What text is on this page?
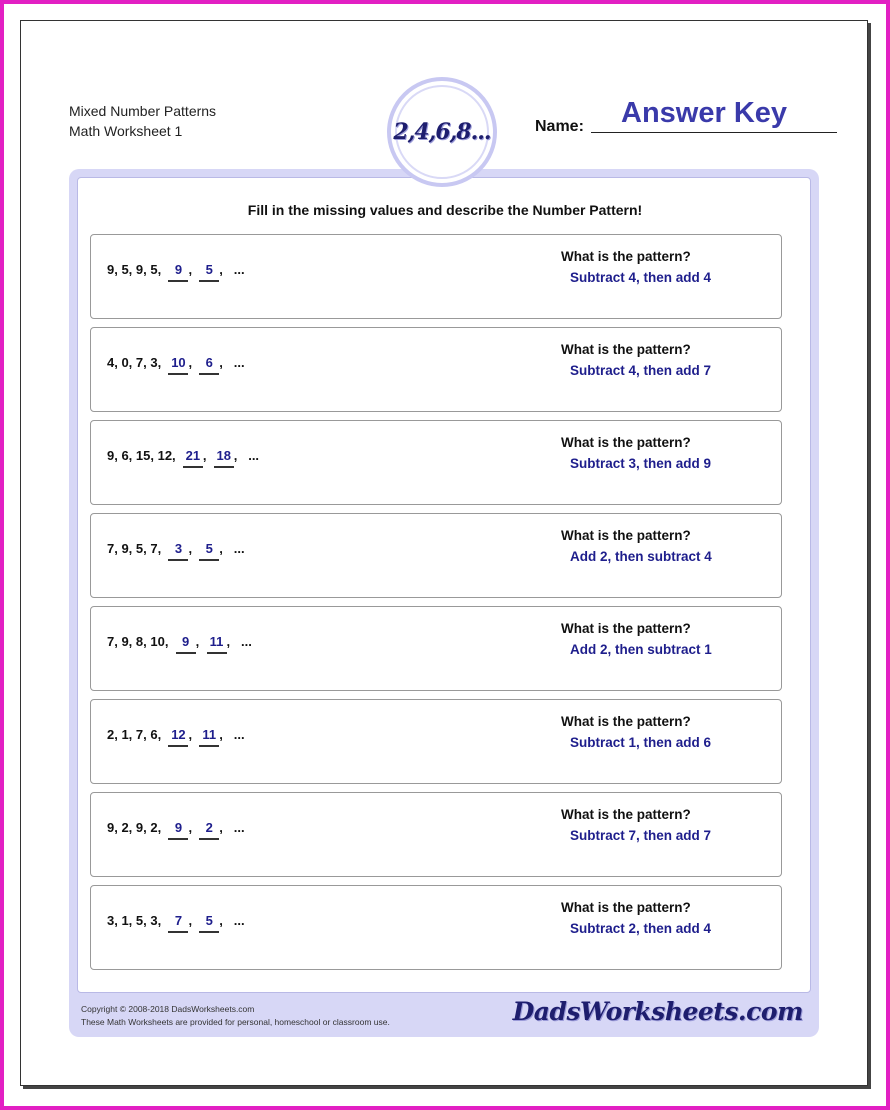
Mixed Number Patterns
Math Worksheet 1	2,4,6,8...	Name: Answer Key
Fill in the missing values and describe the Number Pattern!
9, 5, 9, 5, 9 ,  5 ,   ...
What is the pattern?
Subtract 4, then add 4
4, 0, 7, 3, 10 ,  6 ,   ...
What is the pattern?
Subtract 4, then add 7
9, 6, 15, 12, 21 ,  18 ,   ...
What is the pattern?
Subtract 3, then add 9
7, 9, 5, 7, 3 ,  5 ,   ...
What is the pattern?
Add 2, then subtract 4
7, 9, 8, 10, 9 ,  11 ,   ...
What is the pattern?
Add 2, then subtract 1
2, 1, 7, 6, 12 ,  11 ,   ...
What is the pattern?
Subtract 1, then add 6
9, 2, 9, 2, 9 ,  2 ,   ...
What is the pattern?
Subtract 7, then add 7
3, 1, 5, 3, 7 ,  5 ,   ...
What is the pattern?
Subtract 2, then add 4
Copyright © 2008-2018 DadsWorksheets.com
These Math Worksheets are provided for personal, homeschool or classroom use.	DadsWorksheets.com
